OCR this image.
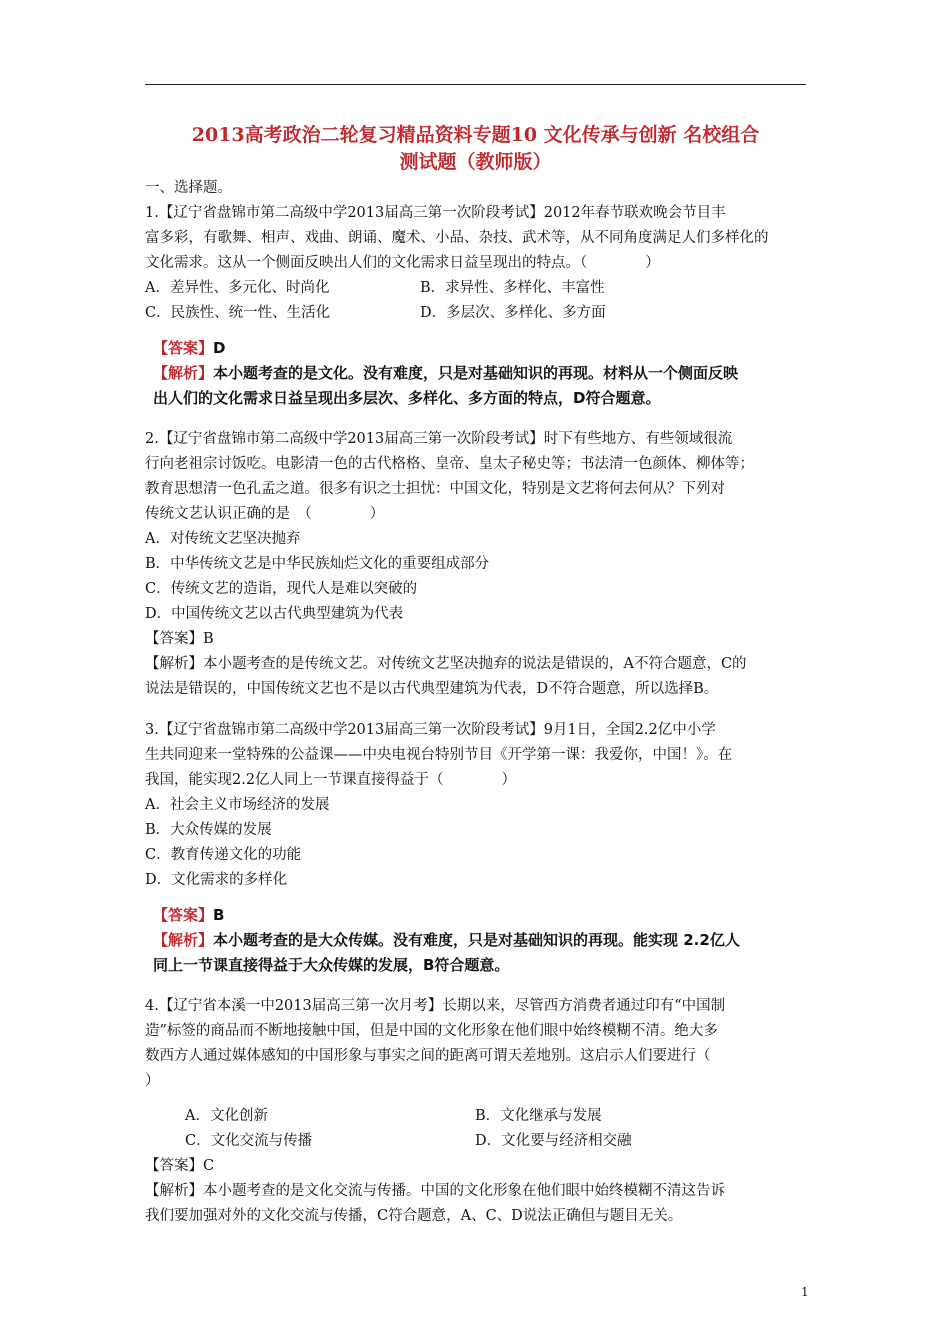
2013高考政治二轮复习精品资料专题10 文化传承与创新 名校组合
测试题（教师版）
一、选择题。
1.【辽宁省盘锦市第二高级中学2013届高三第一次阶段考试】2012年春节联欢晚会节目丰
富多彩，有歌舞、相声、戏曲、朗诵、魔术、小品、杂技、武术等，从不同角度满足人们多样化的
文化需求。这从一个侧面反映出人们的文化需求日益呈现出的特点。（　　　　）
A．差异性、多元化、时尚化	B．求异性、多样化、丰富性
C．民族性、统一性、生活化	D．多层次、多样化、多方面
【答案】D
【解析】本小题考查的是文化。没有难度，只是对基础知识的再现。材料从一个侧面反映
出人们的文化需求日益呈现出多层次、多样化、多方面的特点，D符合题意。
2.【辽宁省盘锦市第二高级中学2013届高三第一次阶段考试】时下有些地方、有些领域很流
行向老祖宗讨饭吃。电影清一色的古代格格、皇帝、皇太子秘史等；书法清一色颜体、柳体等；
教育思想清一色孔孟之道。很多有识之士担忧：中国文化，特别是文艺将何去何从？下列对
传统文艺认识正确的是　（　　　　）
A．对传统文艺坚决抛弃
B．中华传统文艺是中华民族灿烂文化的重要组成部分
C．传统文艺的造诣，现代人是难以突破的
D．中国传统文艺以古代典型建筑为代表
【答案】B
【解析】本小题考查的是传统文艺。对传统文艺坚决抛弃的说法是错误的，A不符合题意，C的
说法是错误的，中国传统文艺也不是以古代典型建筑为代表，D不符合题意，所以选择B。
3.【辽宁省盘锦市第二高级中学2013届高三第一次阶段考试】9月1日，全国2.2亿中小学
生共同迎来一堂特殊的公益课——中央电视台特别节目《开学第一课：我爱你，中国！》。在
我国，能实现2.2亿人同上一节课直接得益于（　　　　）
A．社会主义市场经济的发展
B．大众传媒的发展
C．教育传递文化的功能
D．文化需求的多样化
【答案】B
【解析】本小题考查的是大众传媒。没有难度，只是对基础知识的再现。能实现 2.2亿人
同上一节课直接得益于大众传媒的发展，B符合题意。
4.【辽宁省本溪一中2013届高三第一次月考】长期以来，尽管西方消费者通过印有“中国制
造”标签的商品而不断地接触中国，但是中国的文化形象在他们眼中始终模糊不清。绝大多
数西方人通过媒体感知的中国形象与事实之间的距离可谓天差地别。这启示人们要进行（
）
A．文化创新	B．文化继承与发展
C．文化交流与传播	D．文化要与经济相交融
【答案】C
【解析】本小题考查的是文化交流与传播。中国的文化形象在他们眼中始终模糊不清这告诉
我们要加强对外的文化交流与传播，C符合题意，A、C、D说法正确但与题目无关。
1
